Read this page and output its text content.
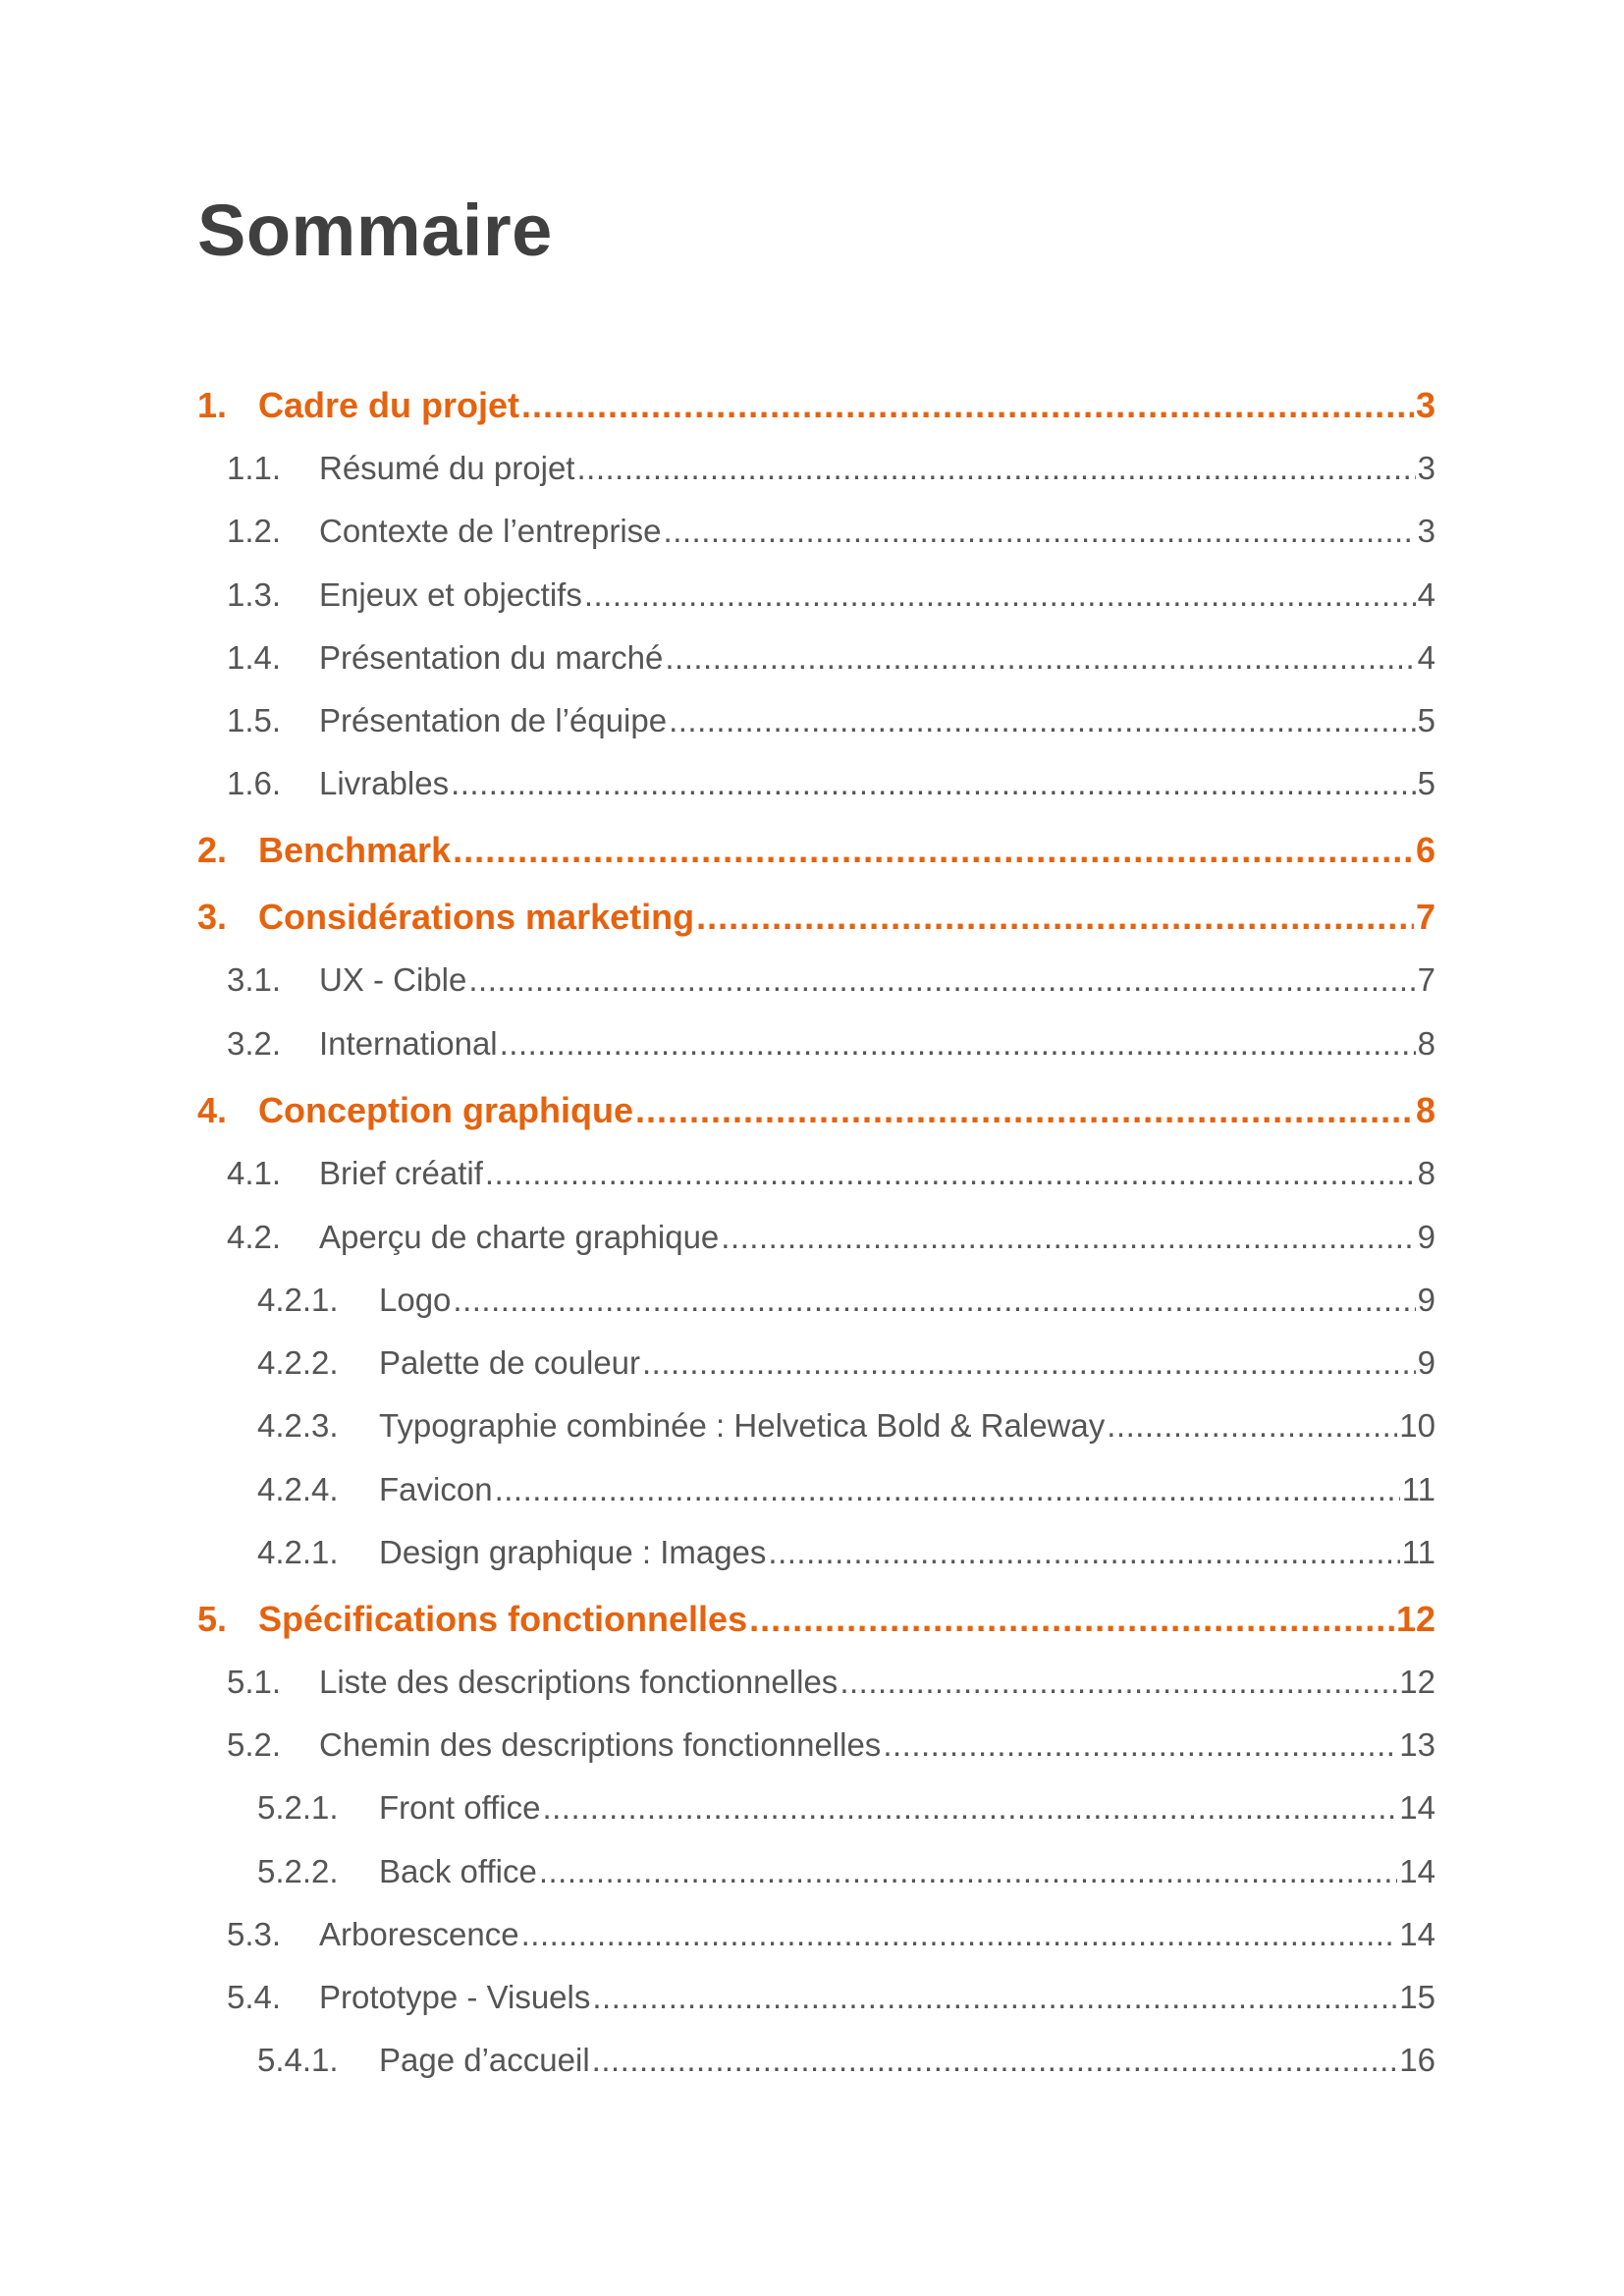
Sommaire
1. Cadre du projet .....	3
1.1.	Résumé du projet .....	3
1.2.	Contexte de l’entreprise .....	3
1.3.	Enjeux et objectifs .....	4
1.4.	Présentation du marché .....	4
1.5.	Présentation de l’équipe .....	5
1.6.	Livrables .....	5
2. Benchmark .....	6
3. Considérations marketing .....	7
3.1.	UX - Cible .....	7
3.2.	International .....	8
4. Conception graphique .....	8
4.1.	Brief créatif .....	8
4.2.	Aperçu de charte graphique .....	9
4.2.1.	Logo .....	9
4.2.2.	Palette de couleur .....	9
4.2.3.	Typographie combinée : Helvetica Bold & Raleway .....	10
4.2.4.	Favicon .....	11
4.2.1.	Design graphique : Images .....	11
5. Spécifications fonctionnelles .....	12
5.1.	Liste des descriptions fonctionnelles .....	12
5.2.	Chemin des descriptions fonctionnelles .....	13
5.2.1.	Front office .....	14
5.2.2.	Back office .....	14
5.3.	Arborescence .....	14
5.4.	Prototype - Visuels .....	15
5.4.1.	Page d’accueil .....	16
